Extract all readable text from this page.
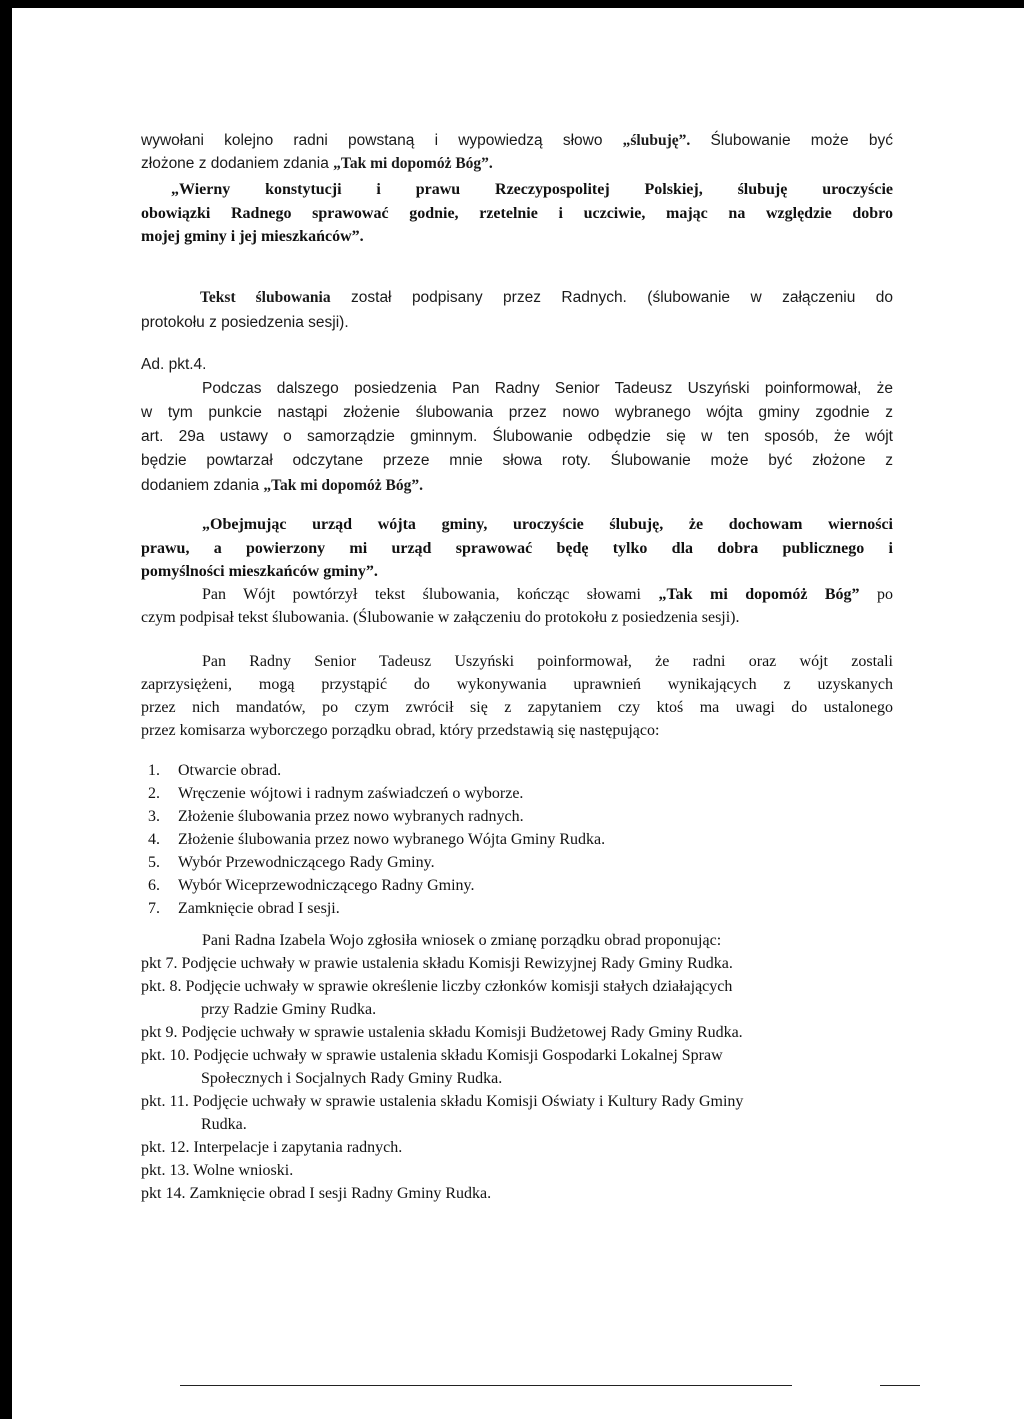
wywołani kolejno radni powstaną i wypowiedzą słowo „ślubuję”. Ślubowanie może być
złożone z dodaniem zdania „Tak mi dopomóż Bóg”.
„Wierny konstytucji i prawu Rzeczypospolitej Polskiej, ślubuję uroczyście
obowiązki Radnego sprawować godnie, rzetelnie i uczciwie, mając na względzie dobro
mojej gminy i jej mieszkańców”.
Tekst ślubowania został podpisany przez Radnych. (ślubowanie w załączeniu do
protokołu z posiedzenia sesji).
Ad. pkt.4.
Podczas dalszego posiedzenia Pan Radny Senior Tadeusz Uszyński poinformował, że
w tym punkcie nastąpi złożenie ślubowania przez nowo wybranego wójta gminy zgodnie z
art. 29a ustawy o samorządzie gminnym. Ślubowanie odbędzie się w ten sposób, że wójt
będzie powtarzał odczytane przeze mnie słowa roty. Ślubowanie może być złożone z
dodaniem zdania „Tak mi dopomóż Bóg”.
„Obejmując urząd wójta gminy, uroczyście ślubuję, że dochowam wierności
prawu, a powierzony mi urząd sprawować będę tylko dla dobra publicznego i
pomyślności mieszkańców gminy”.
Pan Wójt powtórzył tekst ślubowania, kończąc słowami „Tak mi dopomóż Bóg” po
czym podpisał tekst ślubowania. (Ślubowanie w załączeniu do protokołu z posiedzenia sesji).
Pan Radny Senior Tadeusz Uszyński poinformował, że radni oraz wójt zostali
zaprzysiężeni, mogą przystąpić do wykonywania uprawnień wynikających z uzyskanych
przez nich mandatów, po czym zwrócił się z zapytaniem czy ktoś ma uwagi do ustalonego
przez komisarza wyborczego porządku obrad, który przedstawią się następująco:
1. Otwarcie obrad.
2. Wręczenie wójtowi i radnym zaświadczeń o wyborze.
3. Złożenie ślubowania przez nowo wybranych radnych.
4. Złożenie ślubowania przez nowo wybranego Wójta Gminy Rudka.
5. Wybór Przewodniczącego Rady Gminy.
6. Wybór Wiceprzewodniczącego Radny Gminy.
7. Zamknięcie obrad I sesji.
Pani Radna Izabela Wojo zgłosiła wniosek o zmianę porządku obrad proponując:
pkt 7. Podjęcie uchwały w prawie ustalenia składu Komisji Rewizyjnej Rady Gminy Rudka.
pkt. 8. Podjęcie uchwały w sprawie określenie liczby członków komisji stałych działających
przy Radzie Gminy Rudka.
pkt 9. Podjęcie uchwały w sprawie ustalenia składu Komisji Budżetowej Rady Gminy Rudka.
pkt. 10. Podjęcie uchwały w sprawie ustalenia składu Komisji Gospodarki Lokalnej Spraw
Społecznych i Socjalnych Rady Gminy Rudka.
pkt. 11. Podjęcie uchwały w sprawie ustalenia składu Komisji Oświaty i Kultury Rady Gminy
Rudka.
pkt. 12. Interpelacje i zapytania radnych.
pkt. 13. Wolne wnioski.
pkt 14. Zamknięcie obrad I sesji Radny Gminy Rudka.
